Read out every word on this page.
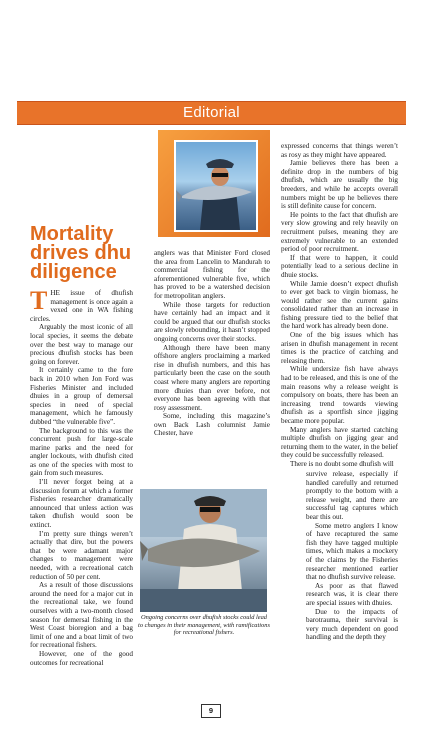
Editorial
Mortality drives dhu diligence

THE issue of dhufish management is once again a vexed one in WA fishing circles.

Arguably the most iconic of all local species, it seems the debate over the best way to manage our precious dhufish stocks has been going on forever.

It certainly came to the fore back in 2010 when Jon Ford was Fisheries Minister and included dhuies in a group of demersal species in need of special management, which he famously dubbed “the vulnerable five”.

The background to this was the concurrent push for large-scale marine parks and the need for angler lockouts, with dhufish cited as one of the species with most to gain from such measures.

I’ll never forget being at a discussion forum at which a former Fisheries researcher dramatically announced that unless action was taken dhufish would soon be extinct.

I’m pretty sure things weren’t actually that dire, but the powers that be were adamant major changes to management were needed, with a recreational catch reduction of 50 per cent.

As a result of those discussions around the need for a major cut in the recreational take, we found ourselves with a two-month closed season for demersal fishing in the West Coast bioregion and a bag limit of one and a boat limit of two for recreational fishers.

However, one of the good outcomes for recreational

anglers was that Minister Ford closed the area from Lancelin to Mandurah to commercial fishing for the aforementioned vulnerable five, which has proved to be a watershed decision for metropolitan anglers.

While those targets for reduction have certainly had an impact and it could be argued that our dhufish stocks are slowly rebounding, it hasn’t stopped ongoing concerns over their stocks.

Although there have been many offshore anglers proclaiming a marked rise in dhufish numbers, and this has particularly been the case on the south coast where many anglers are reporting more dhuies than ever before, not everyone has been agreeing with that rosy assessment.

Some, including this magazine’s own Back Lash columnist Jamie Chester, have

Ongoing concerns over dhufish stocks could lead to changes in their management, with ramifications for recreational fishers.

expressed concerns that things weren’t as rosy as they might have appeared.

Jamie believes there has been a definite drop in the numbers of big dhufish, which are usually the big breeders, and while he accepts overall numbers might be up he believes there is still definite cause for concern.

He points to the fact that dhufish are very slow growing and rely heavily on recruitment pulses, meaning they are extremely vulnerable to an extended period of poor recruitment.

If that were to happen, it could potentially lead to a serious decline in dhuie stocks.

While Jamie doesn’t expect dhufish to ever get back to virgin biomass, he would rather see the current gains consolidated rather than an increase in fishing pressure tied to the belief that the hard work has already been done.

One of the big issues which has arisen in dhufish management in recent times is the practice of catching and releasing them.

While undersize fish have always had to be released, and this is one of the main reasons why a release weight is compulsory on boats, there has been an increasing trend towards viewing dhufish as a sportfish since jigging became more popular.

Many anglers have started catching multiple dhufish on jigging gear and returning them to the water, in the belief they could be successfully released.

There is no doubt some dhufish will

survive release, especially if handled carefully and returned promptly to the bottom with a release weight, and there are successful tag captures which bear this out.

Some metro anglers I know of have recaptured the same fish they have tagged multiple times, which makes a mockery of the claims by the Fisheries researcher mentioned earlier that no dhufish survive release.

As poor as that flawed research was, it is clear there are special issues with dhuies.

Due to the impacts of barotrauma, their survival is very much dependent on good handling and the depth they

9
